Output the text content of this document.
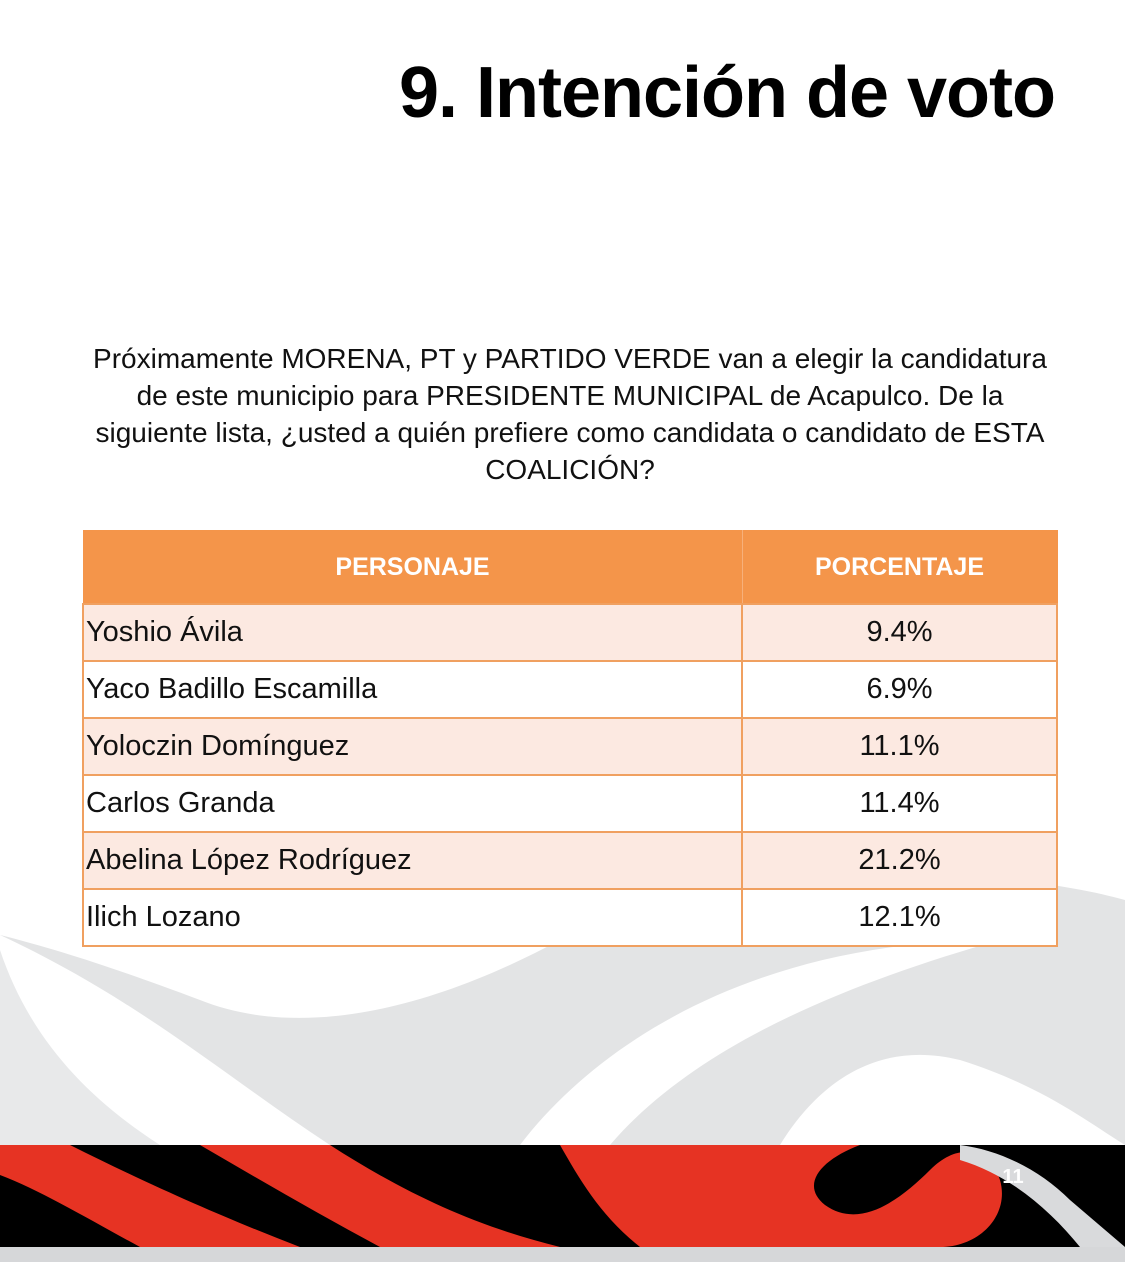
9. Intención de voto

Próximamente MORENA, PT y PARTIDO VERDE van a elegir la candidatura de este municipio para PRESIDENTE MUNICIPAL de Acapulco. De la siguiente lista, ¿usted a quién prefiere como candidata o candidato de ESTA COALICIÓN?

PERSONAJE	PORCENTAJE
Yoshio Ávila	9.4%
Yaco Badillo Escamilla	6.9%
Yoloczin Domínguez	11.1%
Carlos Granda	11.4%
Abelina López Rodríguez	21.2%
Ilich Lozano	12.1%
11
